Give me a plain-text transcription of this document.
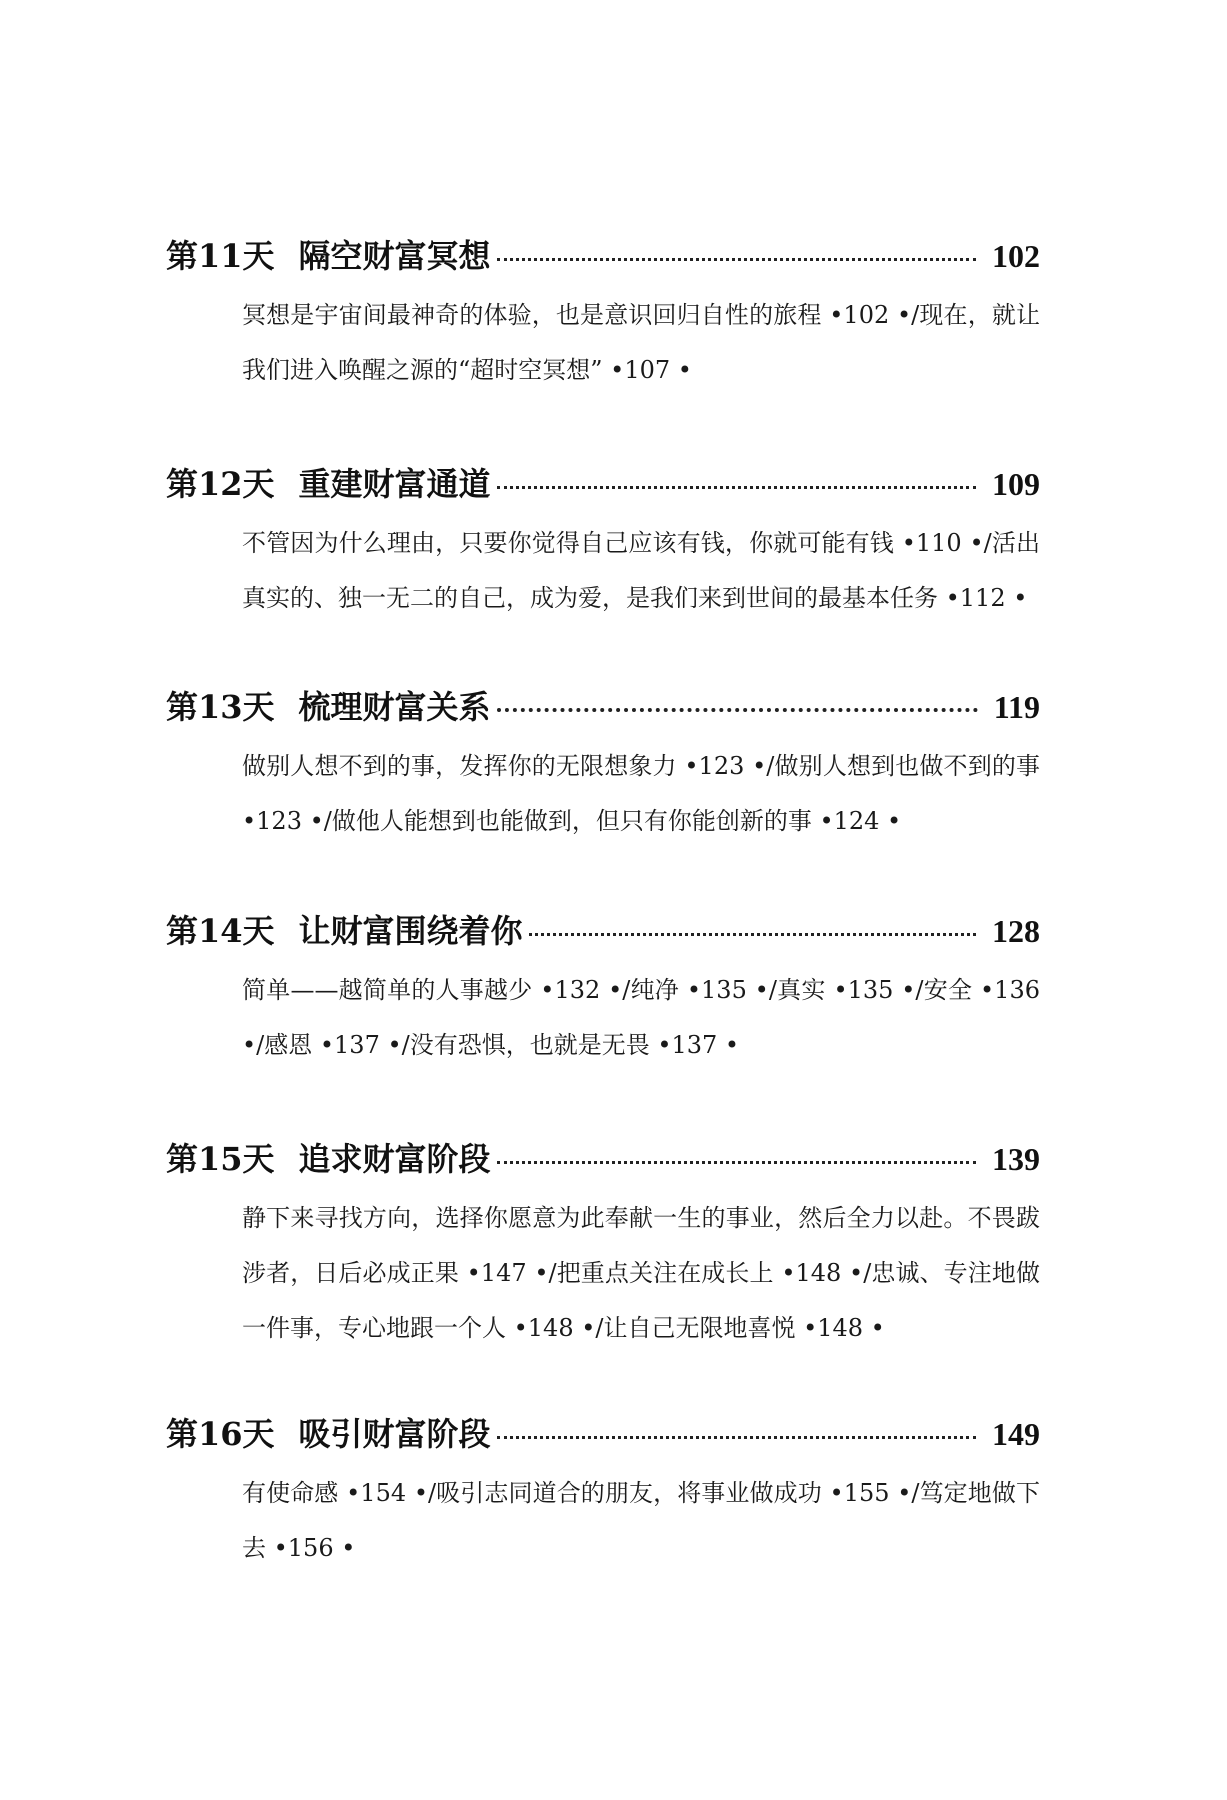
第11天 隔空财富冥想	102
冥想是宇宙间最神奇的体验，也是意识回归自性的旅程 •102 •/现在，就让我们进入唤醒之源的“超时空冥想” •107 •
第12天 重建财富通道	109
不管因为什么理由，只要你觉得自己应该有钱，你就可能有钱 •110 •/活出真实的、独一无二的自己，成为爱，是我们来到世间的最基本任务 •112 •
第13天 梳理财富关系	119
做别人想不到的事，发挥你的无限想象力 •123 •/做别人想到也做不到的事 •123 •/做他人能想到也能做到，但只有你能创新的事 •124 •
第14天 让财富围绕着你	128
简单——越简单的人事越少 •132 •/纯净 •135 •/真实 •135 •/安全 •136 •/感恩 •137 •/没有恐惧，也就是无畏 •137 •
第15天 追求财富阶段	139
静下来寻找方向，选择你愿意为此奉献一生的事业，然后全力以赴。不畏跋涉者，日后必成正果 •147 •/把重点关注在成长上 •148 •/忠诚、专注地做一件事，专心地跟一个人 •148 •/让自己无限地喜悦 •148 •
第16天 吸引财富阶段	149
有使命感 •154 •/吸引志同道合的朋友，将事业做成功 •155 •/笃定地做下去 •156 •
